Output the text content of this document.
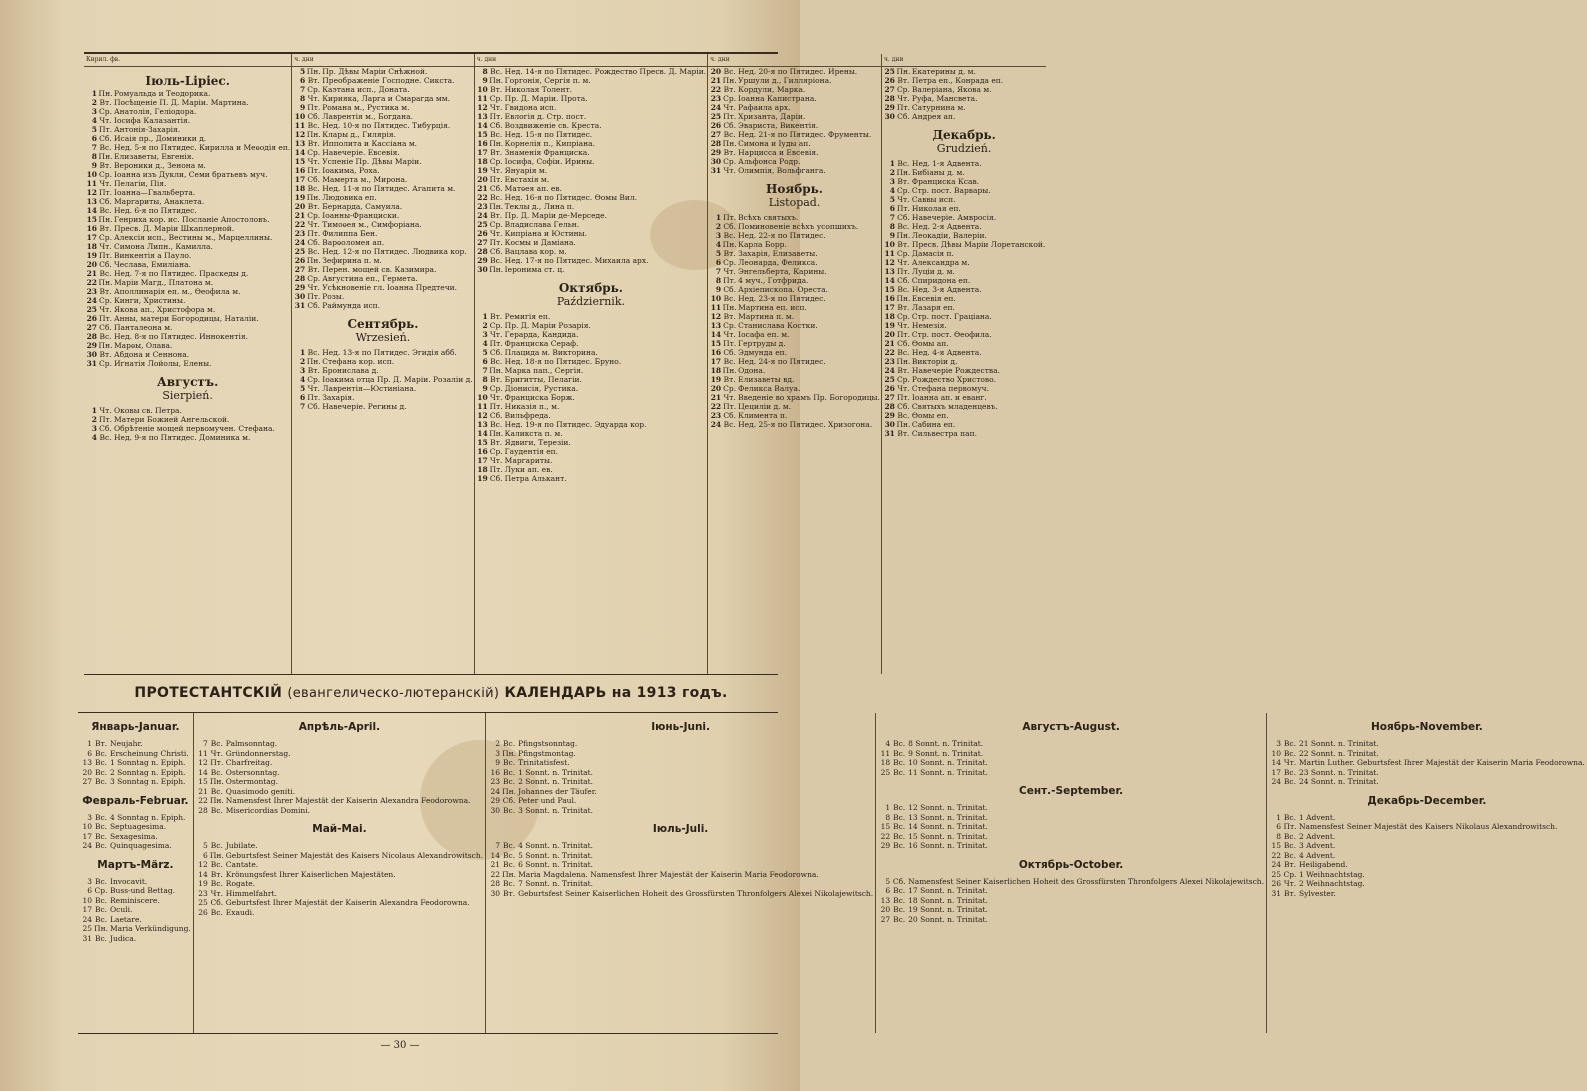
Кирил. фв.
Іюль-Lipiec.
1 Пн. Ромуальда и Теодорика.
2 Вт. Посѣщеніе П. Д. Маріи. Мартина.
3 Ср. Анатолія, Геліодора.
4 Чт. Іосифа Калазантія.
5 Пт. Антонія-Захарія.
6 Сб. Исаія пр., Доминики д.
7 Вс. Нед. 5-я по Пятидес. Кирилла и Меѳодія еп.
8 Пн. Елизаветы, Евгенія.
9 Вт. Вероники д., Зенона м.
10 Ср. Іоанна изъ Дукли, Семи братьевъ муч.
11 Чт. Пелагіи, Пія.
12 Пт. Іоанна—Гвальберта.
13 Сб. Маргариты, Анаклета.
14 Вс. Нед. 6-я по Пятидес.
15 Пн. Генриха кор. ис. Посланіе Апостоловъ.
16 Вт. Пресв. Д. Маріи Шкаплерной.
17 Ср. Алексія исп., Вестины м., Марцеллины.
18 Чт. Симона Липн., Камилла.
19 Пт. Винкентія а Пауло.
20 Сб. Чеслава, Емиліана.
21 Вс. Нед. 7-я по Пятидес. Праскеды д.
22 Пн. Маріи Магд., Платона м.
23 Вт. Аполлинарія еп. м., Ѳеофила м.
24 Ср. Кинги, Христины.
25 Чт. Якова ап., Христофора м.
26 Пт. Анны, матери Богородицы, Наталіи.
27 Сб. Панталеона м.
28 Вс. Нед. 8-я по Пятидес. Иннокентія.
29 Пн. Марѳы, Олава.
30 Вт. Абдона и Сеннона.
31 Ср. Игнатія Лойолы, Елены.
Августъ.
Sierpień.
1 Чт. Оковы св. Петра.
2 Пт. Матери Божией Ангельской.
3 Сб. Обрѣтеніе мощей первомучен. Стефана.
4 Вс. Нед. 9-я по Пятидес. Доминика м.
ч. дни
5 Пн. Пр. Дѣвы Маріи Снѣжной.
6 Вт. Преображеніе Господне. Сикста.
7 Ср. Каэтана исп., Доната.
8 Чт. Кирияка, Ларга и Смарагда мм.
9 Пт. Романа м., Рустика м.
10 Сб. Лаврентія м., Богдана.
11 Вс. Нед. 10-я по Пятидес. Тибурція.
12 Пн. Клары д., Гилярія.
13 Вт. Ипполита и Кассіана м.
14 Ср. Навечеріе. Евсевія.
15 Чт. Успеніе Пр. Дѣвы Маріи.
16 Пт. Іоакима, Роха.
17 Сб. Мамерта м., Мирона.
18 Вс. Нед. 11-я по Пятидес. Агапита м.
19 Пн. Людовика еп.
20 Вт. Бернарда, Самуила.
21 Ср. Іоанны-Франциски.
22 Чт. Тимоѳея м., Симфоріана.
23 Пт. Филиппа Бен.
24 Сб. Варѳоломея ап.
25 Вс. Нед. 12-я по Пятидес. Людвика кор.
26 Пн. Зефирина п. м.
27 Вт. Перен. мощей св. Казимира.
28 Ср. Августина еп., Гермета.
29 Чт. Усѣкновеніе гл. Іоанна Предтечи.
30 Пт. Розы.
31 Сб. Раймунда исп.
Сентябрь.
Wrzesień.
1 Вс. Нед. 13-я по Пятидес. Эгидія абб.
2 Пн. Стефана кор. исп.
3 Вт. Бронислава д.
4 Ср. Іоакима отца Пр. Д. Маріи. Розаліи д.
5 Чт. Лаврентія—Юстиніана.
6 Пт. Захарія.
7 Сб. Навечеріе. Регины д.
ч. дни
8 Вс. Нед. 14-я по Пятидес. Рождество Пресв. Д. Маріи.
9 Пн. Горгонія, Сергія п. м.
10 Вт. Николая Толент.
11 Ср. Пр. Д. Маріи. Прота.
12 Чт. Гвидона исп.
13 Пт. Евлогія д. Стр. пост.
14 Сб. Воздвиженіе св. Креста.
15 Вс. Нед. 15-я по Пятидес.
16 Пн. Корнелія п., Кипріана.
17 Вт. Знаменія Франциска.
18 Ср. Іосифа, Софіи. Ирины.
19 Чт. Януарія м.
20 Пт. Евстахія м.
21 Сб. Матѳея ап. ев.
22 Вс. Нед. 16-я по Пятидес. Ѳомы Вил.
23 Пн. Теклы д., Лина п.
24 Вт. Пр. Д. Маріи де-Мерседе.
25 Ср. Владислава Гельн.
26 Чт. Кипріана и Юстины.
27 Пт. Космы и Даміана.
28 Сб. Вацлава кор. м.
29 Вс. Нед. 17-я по Пятидес. Михаила арх.
30 Пн. Іеронима ст. ц.
Октябрь.
Październik.
1 Вт. Ремигія еп.
2 Ср. Пр. Д. Маріи Розарія.
3 Чт. Герарда, Кандида.
4 Пт. Франциска Сераф.
5 Сб. Плацида м. Викторина.
6 Вс. Нед. 18-я по Пятидес. Бруно.
7 Пн. Марка пап., Сергія.
8 Вт. Бригитты, Пелагіи.
9 Ср. Діонисія, Рустика.
10 Чт. Франциска Борж.
11 Пт. Никазія п., м.
12 Сб. Вильфреда.
13 Вс. Нед. 19-я по Пятидес. Эдуарда кор.
14 Пн. Каликста п. м.
15 Вт. Ядвиги, Терезіи.
16 Ср. Гаудентія еп.
17 Чт. Маргариты.
18 Пт. Луки ап. ев.
19 Сб. Петра Алькант.
ч. дни
20 Вс. Нед. 20-я по Пятидес. Ирены.
21 Пн. Уршули д., Гилляріона.
22 Вт. Кордули, Марка.
23 Ср. Іоанна Капистрана.
24 Чт. Рафаила арх.
25 Пт. Хризанта, Даріи.
26 Сб. Эвариста, Викентія.
27 Вс. Нед. 21-я по Пятидес. Фрументы.
28 Пн. Симона и Іуды ап.
29 Вт. Нарцисса и Евсевія.
30 Ср. Альфонса Родр.
31 Чт. Олимпія, Вольфганга.
Ноябрь.
Listopad.
1 Пт. Всѣхъ святыхъ.
2 Сб. Поминовеніе всѣхъ усопшихъ.
3 Вс. Нед. 22-я по Пятидес.
4 Пн. Карла Борр.
5 Вт. Захарія, Елизаветы.
6 Ср. Леонарда, Феликса.
7 Чт. Энгельберта, Карины.
8 Пт. 4 муч., Готфрида.
9 Сб. Архіепископа. Ореста.
10 Вс. Нед. 23-я по Пятидес.
11 Пн. Мартина еп. исп.
12 Вт. Мартина п. м.
13 Ср. Станислава Костки.
14 Чт. Іосафа еп. м.
15 Пт. Гертруды д.
16 Сб. Эдмунда еп.
17 Вс. Нед. 24-я по Пятидес.
18 Пн. Одона.
19 Вт. Елизаветы вд.
20 Ср. Феликса Валуа.
21 Чт. Введеніе во храмъ Пр. Богородицы.
22 Пт. Цециліи д. м.
23 Сб. Климента п.
24 Вс. Нед. 25-я по Пятидес. Хризогона.
ч. дни
25 Пн. Екатерины д. м.
26 Вт. Петра еп., Конрада еп.
27 Ср. Валеріана, Якова м.
28 Чт. Руфа, Мансвета.
29 Пт. Сатурнина м.
30 Сб. Андрея ап.
Декабрь.
Grudzień.
1 Вс. Нед. 1-я Адвента.
2 Пн. Бибіаны д. м.
3 Вт. Франциска Ксав.
4 Ср. Стр. пост. Варвары.
5 Чт. Саввы исп.
6 Пт. Николая еп.
7 Сб. Навечеріе. Амвросія.
8 Вс. Нед. 2-я Адвента.
9 Пн. Леокадіи, Валеріи.
10 Вт. Пресв. Дѣвы Маріи Лоретанской.
11 Ср. Дамасія п.
12 Чт. Александра м.
13 Пт. Луціи д. м.
14 Сб. Спиридона еп.
15 Вс. Нед. 3-я Адвента.
16 Пн. Евсевія еп.
17 Вт. Лазаря еп.
18 Ср. Стр. пост. Грацiана.
19 Чт. Немезія.
20 Пт. Стр. пост. Ѳеофила.
21 Сб. Ѳомы ап.
22 Вс. Нед. 4-я Адвента.
23 Пн. Викторіи д.
24 Вт. Навечеріе Рождества.
25 Ср. Рождество Христово.
26 Чт. Стефана первомуч.
27 Пт. Іоанна ап. и еванг.
28 Сб. Святыхъ младенцевъ.
29 Вс. Ѳомы еп.
30 Пн. Сабина еп.
31 Вт. Сильвестра пап.
ПРОТЕСТАНТСКІЙ (евангелическо-лютеранскій) КАЛЕНДАРЬ на 1913 годъ.
Январь-Januar.
1 Вт. Neujahr.
6 Вс. Erscheinung Christi.
13 Вс. 1 Sonntag n. Epiph.
20 Вс. 2 Sonntag n. Epiph.
27 Вс. 3 Sonntag n. Epiph.
Февраль-Februar.
3 Вс. 4 Sonntag n. Epiph.
10 Вс. Septuagesima.
17 Вс. Sexagesima.
24 Вс. Quinquagesima.
Мартъ-März.
3 Вс. Invocavit.
6 Ср. Buss-und Bettag.
10 Вс. Reminiscere.
17 Вс. Oculi.
24 Вс. Laetare.
25 Пн. Maria Verkündigung.
31 Вс. Judica.
Апрѣль-April.
7 Вс. Palmsonntag.
11 Чт. Gründonnerstag.
12 Пт. Charfreitag.
14 Вс. Ostersonntag.
15 Пн. Ostermontag.
21 Вс. Quasimodo geniti.
22 Пн. Namensfest Ihrer Majestät der Kaiserin Alexandra Feodorowna.
28 Вс. Misericordias Domini.
Май-Mai.
5 Вс. Jubilate.
6 Пн. Geburtsfest Seiner Majestät des Kaisers Nicolaus Alexandrowitsch.
12 Вс. Cantate.
14 Вт. Krönungsfest Ihrer Kaiserlichen Majestäten.
19 Вс. Rogate.
23 Чт. Himmelfahrt.
25 Сб. Geburtsfest Ihrer Majestät der Kaiserin Alexandra Feodorowna.
26 Вс. Exaudi.
Іюнь-Juni.
2 Вс. Pfingstsonntag.
3 Пн. Pfingstmontag.
9 Вс. Trinitatisfest.
16 Вс. 1 Sonnt. n. Trinitat.
23 Вс. 2 Sonnt. n. Trinitat.
24 Пн. Johannes der Täufer.
29 Сб. Peter und Paul.
30 Вс. 3 Sonnt. n. Trinitat.
Іюль-Juli.
7 Вс. 4 Sonnt. n. Trinitat.
14 Вс. 5 Sonnt. n. Trinitat.
21 Вс. 6 Sonnt. n. Trinitat.
22 Пн. Maria Magdalena. Namensfest Ihrer Majestät der Kaiserin Maria Feodorowna.
28 Вс. 7 Sonnt. n. Trinitat.
30 Вт. Geburtsfest Seiner Kaiserlichen Hoheit des Grossfürsten Thronfolgers Alexei Nikolajewitsch.
Августъ-August.
4 Вс. 8 Sonnt. n. Trinitat.
11 Вс. 9 Sonnt. n. Trinitat.
18 Вс. 10 Sonnt. n. Trinitat.
25 Вс. 11 Sonnt. n. Trinitat.
Сент.-September.
1 Вс. 12 Sonnt. n. Trinitat.
8 Вс. 13 Sonnt. n. Trinitat.
15 Вс. 14 Sonnt. n. Trinitat.
22 Вс. 15 Sonnt. n. Trinitat.
29 Вс. 16 Sonnt. n. Trinitat.
Октябрь-October.
5 Сб. Namensfest Seiner Kaiserlichen Hoheit des Grossfürsten Thronfolgers Alexei Nikolajewitsch.
6 Вс. 17 Sonnt. n. Trinitat.
13 Вс. 18 Sonnt. n. Trinitat.
20 Вс. 19 Sonnt. n. Trinitat.
27 Вс. 20 Sonnt. n. Trinitat.
Ноябрь-November.
3 Вс. 21 Sonnt. n. Trinitat.
10 Вс. 22 Sonnt. n. Trinitat.
14 Чт. Martin Luther. Geburtsfest Ihrer Majestät der Kaiserin Maria Feodorowna.
17 Вс. 23 Sonnt. n. Trinitat.
24 Вс. 24 Sonnt. n. Trinitat.
Декабрь-December.
1 Вс. 1 Advent.
6 Пт. Namensfest Seiner Majestät des Kaisers Nikolaus Alexandrowitsch.
8 Вс. 2 Advent.
15 Вс. 3 Advent.
22 Вс. 4 Advent.
24 Вт. Heiligabend.
25 Ср. 1 Weihnachtstag.
26 Чт. 2 Weihnachtstag.
31 Вт. Sylvester.
— 30 —
